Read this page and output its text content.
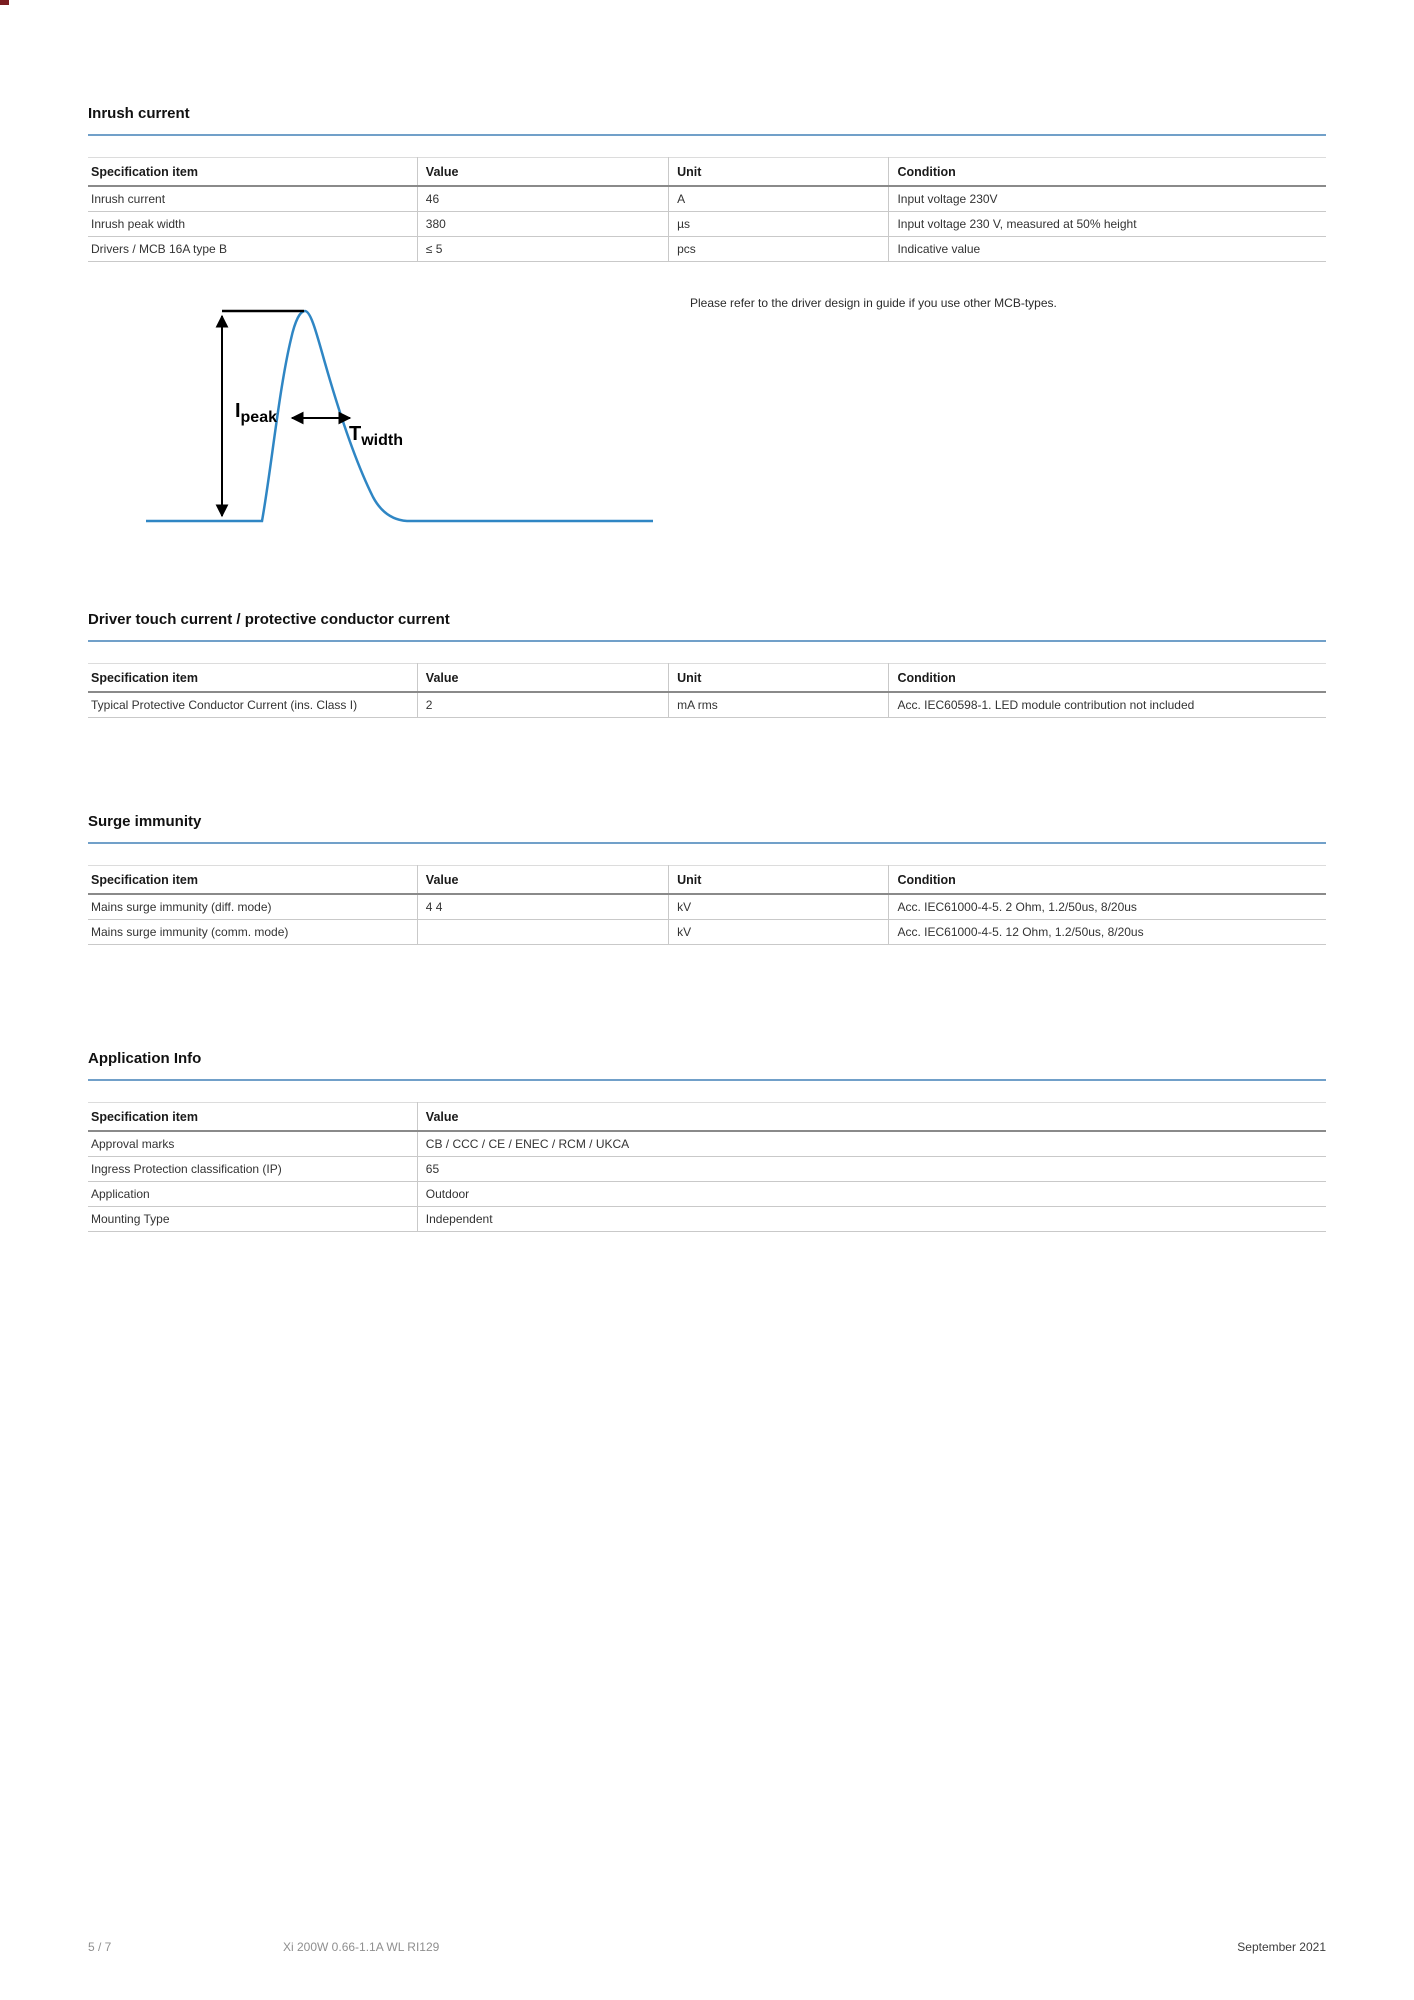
Inrush current
Specification item	Value	Unit	Condition
Inrush current	46	A	Input voltage 230V
Inrush peak width	380	µs	Input voltage 230 V, measured at 50% height
Drivers / MCB 16A type B	≤ 5	pcs	Indicative value
$I_{peak}$
$T_{width}$

Please refer to the driver design in guide if you use other MCB-types.

Driver touch current / protective conductor current
Specification item	Value	Unit	Condition
Typical Protective Conductor Current (ins. Class I)	2	mA rms	Acc. IEC60598-1. LED module contribution not included
Surge immunity
Specification item	Value	Unit	Condition
Mains surge immunity (diff. mode)	4 4	kV	Acc. IEC61000-4-5. 2 Ohm, 1.2/50us, 8/20us
Mains surge immunity (comm. mode)		kV	Acc. IEC61000-4-5. 12 Ohm, 1.2/50us, 8/20us
Application Info
Specification item	Value
Approval marks	CB / CCC / CE / ENEC / RCM / UKCA
Ingress Protection classification (IP)	65
Application	Outdoor
Mounting Type	Independent
5 / 7	Xi 200W 0.66-1.1A WL RI129	September 2021
